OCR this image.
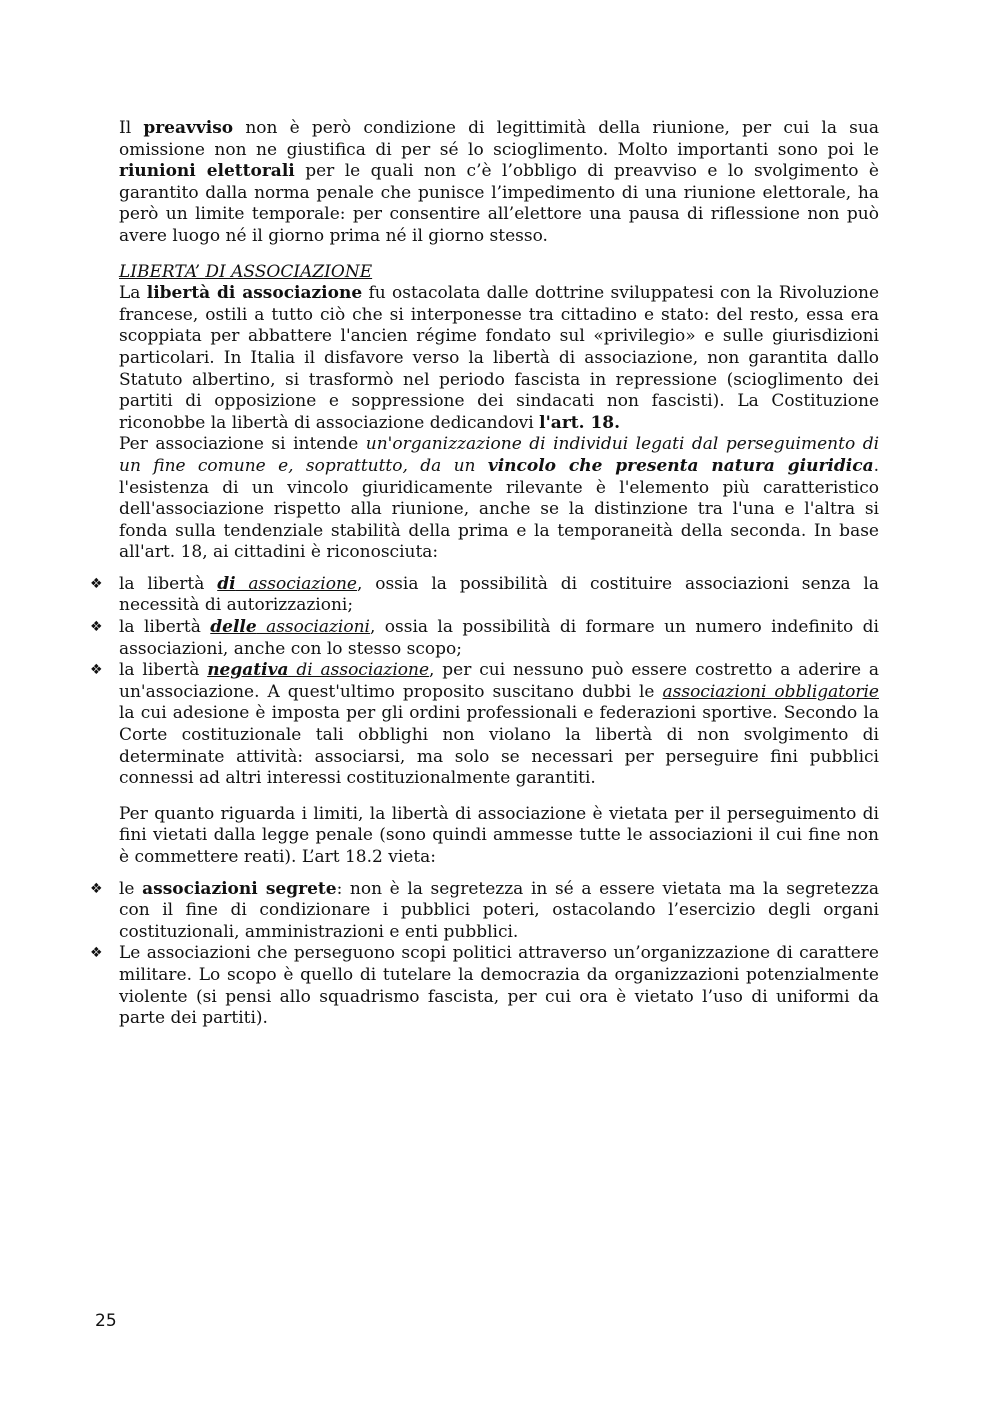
Il preavviso non è però condizione di legittimità della riunione, per cui la sua omissione non ne giustifica di per sé lo scioglimento. Molto importanti sono poi le riunioni elettorali per le quali non c’è l’obbligo di preavviso e lo svolgimento è garantito dalla norma penale che punisce l’impedimento di una riunione elettorale, ha però un limite temporale: per consentire all’elettore una pausa di riflessione non può avere luogo né il giorno prima né il giorno stesso.

LIBERTA’ DI ASSOCIAZIONE

La libertà di associazione fu ostacolata dalle dottrine sviluppatesi con la Rivoluzione francese, ostili a tutto ciò che si interponesse tra cittadino e stato: del resto, essa era scoppiata per abbattere l'ancien régime fondato sul «privilegio» e sulle giurisdizioni particolari. In Italia il disfavore verso la libertà di associazione, non garantita dallo Statuto albertino, si trasformò nel periodo fascista in repressione (scioglimento dei partiti di opposizione e soppressione dei sindacati non fascisti). La Costituzione riconobbe la libertà di associazione dedicandovi l'art. 18.

Per associazione si intende un'organizzazione di individui legati dal perseguimento di un fine comune e, soprattutto, da un vincolo che presenta natura giuridica. l'esistenza di un vincolo giuridicamente rilevante è l'elemento più caratteristico dell'associazione rispetto alla riunione, anche se la distinzione tra l'una e l'altra si fonda sulla tendenziale stabilità della prima e la temporaneità della seconda. In base all'art. 18, ai cittadini è riconosciuta:

❖ la libertà di associazione, ossia la possibilità di costituire associazioni senza la necessità di autorizzazioni;
❖ la libertà delle associazioni, ossia la possibilità di formare un numero indefinito di associazioni, anche con lo stesso scopo;
❖ la libertà negativa di associazione, per cui nessuno può essere costretto a aderire a un'associazione. A quest'ultimo proposito suscitano dubbi le associazioni obbligatorie la cui adesione è imposta per gli ordini professionali e federazioni sportive. Secondo la Corte costituzionale tali obblighi non violano la libertà di non svolgimento di determinate attività: associarsi, ma solo se necessari per perseguire fini pubblici connessi ad altri interessi costituzionalmente garantiti.

Per quanto riguarda i limiti, la libertà di associazione è vietata per il perseguimento di fini vietati dalla legge penale (sono quindi ammesse tutte le associazioni il cui fine non è commettere reati). L’art 18.2 vieta:

❖ le associazioni segrete: non è la segretezza in sé a essere vietata ma la segretezza con il fine di condizionare i pubblici poteri, ostacolando l’esercizio degli organi costituzionali, amministrazioni e enti pubblici.
❖ Le associazioni che perseguono scopi politici attraverso un’organizzazione di carattere militare. Lo scopo è quello di tutelare la democrazia da organizzazioni potenzialmente violente (si pensi allo squadrismo fascista, per cui ora è vietato l’uso di uniformi da parte dei partiti).
25
